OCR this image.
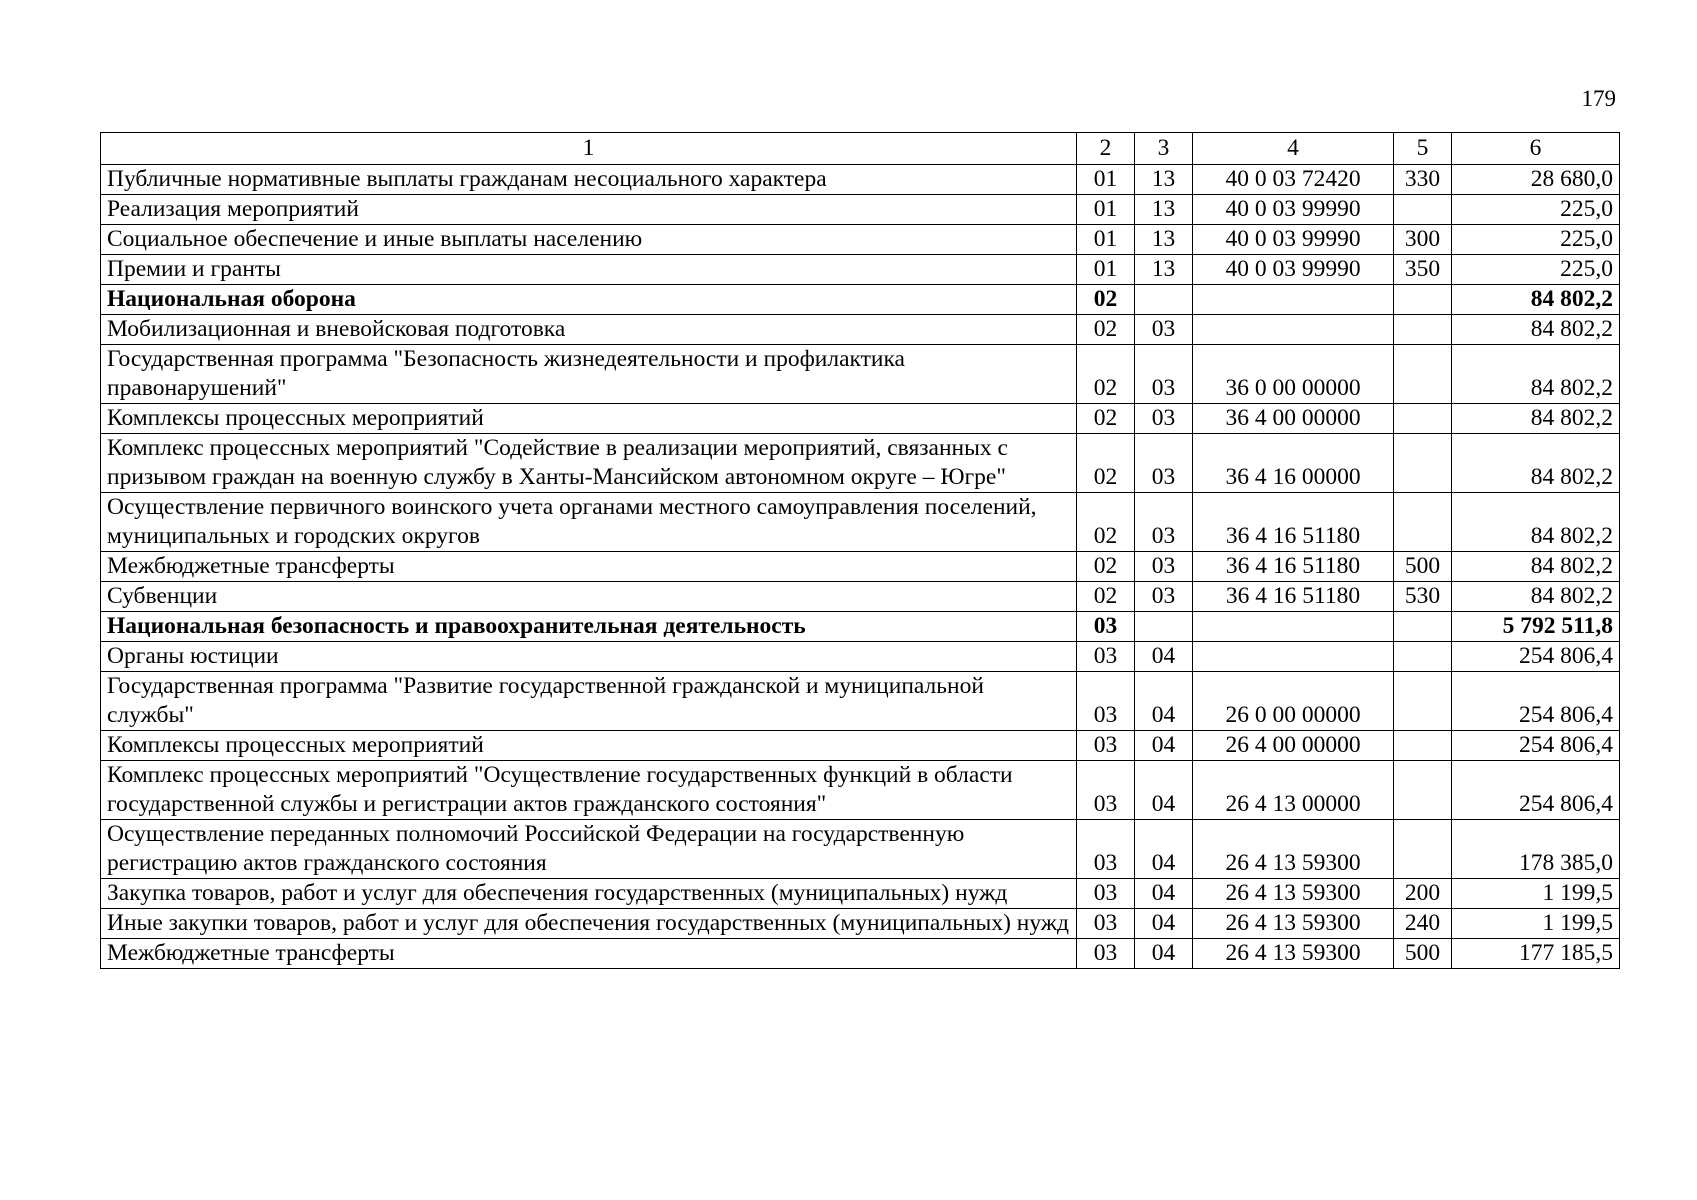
179
1	2	3	4	5	6
Публичные нормативные выплаты гражданам несоциального характера	01	13	40 0 03 72420	330	28 680,0
Реализация мероприятий	01	13	40 0 03 99990		225,0
Социальное обеспечение и иные выплаты населению	01	13	40 0 03 99990	300	225,0
Премии и гранты	01	13	40 0 03 99990	350	225,0
Национальная оборона	02				84 802,2
Мобилизационная и вневойсковая подготовка	02	03			84 802,2
Государственная программа "Безопасность жизнедеятельности и профилактика правонарушений"	02	03	36 0 00 00000		84 802,2
Комплексы процессных мероприятий	02	03	36 4 00 00000		84 802,2
Комплекс процессных мероприятий "Содействие в реализации мероприятий, связанных с призывом граждан на военную службу в Ханты-Мансийском автономном округе – Югре"	02	03	36 4 16 00000		84 802,2
Осуществление первичного воинского учета органами местного самоуправления поселений, муниципальных и городских округов	02	03	36 4 16 51180		84 802,2
Межбюджетные трансферты	02	03	36 4 16 51180	500	84 802,2
Субвенции	02	03	36 4 16 51180	530	84 802,2
Национальная безопасность и правоохранительная деятельность	03				5 792 511,8
Органы юстиции	03	04			254 806,4
Государственная программа "Развитие государственной гражданской и муниципальной службы"	03	04	26 0 00 00000		254 806,4
Комплексы процессных мероприятий	03	04	26 4 00 00000		254 806,4
Комплекс процессных мероприятий "Осуществление государственных функций в области государственной службы и регистрации актов гражданского состояния"	03	04	26 4 13 00000		254 806,4
Осуществление переданных полномочий Российской Федерации на государственную регистрацию актов гражданского состояния	03	04	26 4 13 59300		178 385,0
Закупка товаров, работ и услуг для обеспечения государственных (муниципальных) нужд	03	04	26 4 13 59300	200	1 199,5
Иные закупки товаров, работ и услуг для обеспечения государственных (муниципальных) нужд	03	04	26 4 13 59300	240	1 199,5
Межбюджетные трансферты	03	04	26 4 13 59300	500	177 185,5
